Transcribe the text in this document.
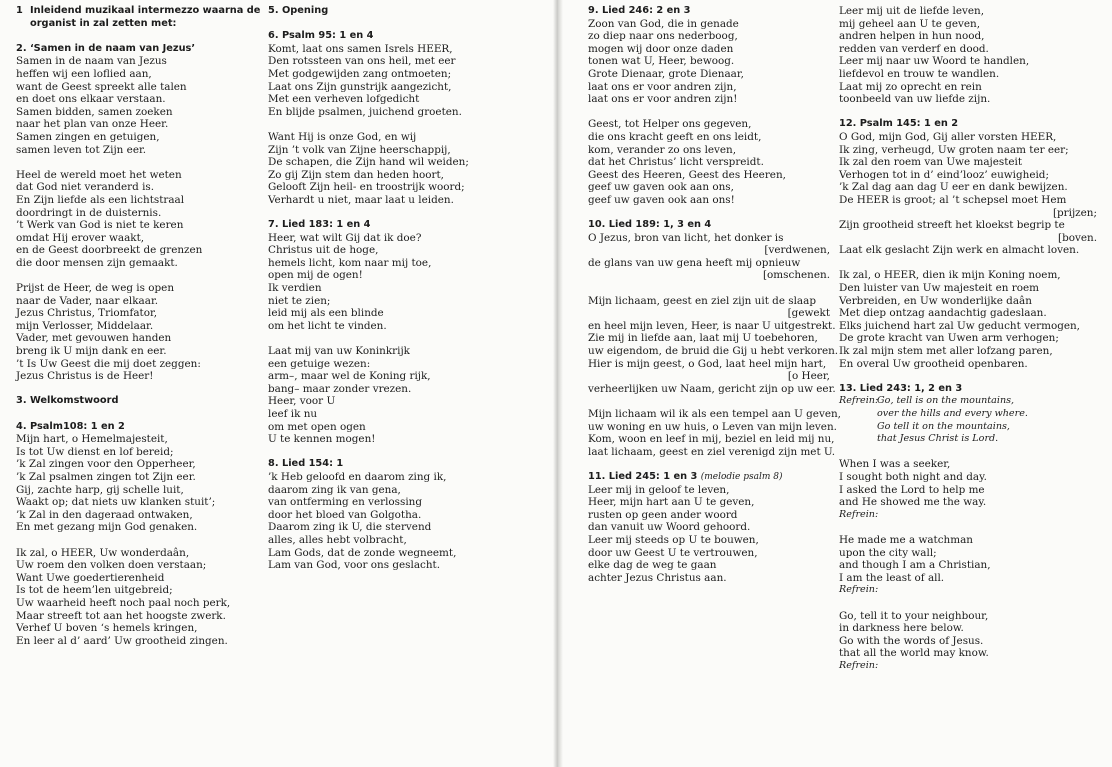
1 Inleidend muzikaal intermezzo waarna de
organist in zal zetten met:
2. ‘Samen in de naam van Jezus’
Samen in de naam van Jezus
heffen wij een loflied aan,
want de Geest spreekt alle talen
en doet ons elkaar verstaan.
Samen bidden, samen zoeken
naar het plan van onze Heer.
Samen zingen en getuigen,
samen leven tot Zijn eer.
Heel de wereld moet het weten
dat God niet veranderd is.
En Zijn liefde als een lichtstraal
doordringt in de duisternis.
’t Werk van God is niet te keren
omdat Hij erover waakt,
en de Geest doorbreekt de grenzen
die door mensen zijn gemaakt.
Prijst de Heer, de weg is open
naar de Vader, naar elkaar.
Jezus Christus, Triomfator,
mijn Verlosser, Middelaar.
Vader, met gevouwen handen
breng ik U mijn dank en eer.
’t Is Uw Geest die mij doet zeggen:
Jezus Christus is de Heer!
3. Welkomstwoord
4. Psalm108: 1 en 2
Mijn hart, o Hemelmajesteit,
Is tot Uw dienst en lof bereid;
’k Zal zingen voor den Opperheer,
’k Zal psalmen zingen tot Zijn eer.
Gij, zachte harp, gij schelle luit,
Waakt op; dat niets uw klanken stuit’;
’k Zal in den dageraad ontwaken,
En met gezang mijn God genaken.
Ik zal, o HEER, Uw wonderdaân,
Uw roem den volken doen verstaan;
Want Uwe goedertierenheid
Is tot de heem’len uitgebreid;
Uw waarheid heeft noch paal noch perk,
Maar streeft tot aan het hoogste zwerk.
Verhef U boven ‘s hemels kringen,
En leer al d’ aard’ Uw grootheid zingen.
5. Opening
6. Psalm 95: 1 en 4
Komt, laat ons samen Isrels HEER,
Den rotssteen van ons heil, met eer
Met godgewijden zang ontmoeten;
Laat ons Zijn gunstrijk aangezicht,
Met een verheven lofgedicht
En blijde psalmen, juichend groeten.
Want Hij is onze God, en wij
Zijn ’t volk van Zijne heerschappij,
De schapen, die Zijn hand wil weiden;
Zo gij Zijn stem dan heden hoort,
Gelooft Zijn heil- en troostrijk woord;
Verhardt u niet, maar laat u leiden.
7. Lied 183: 1 en 4
Heer, wat wilt Gij dat ik doe?
Christus uit de hoge,
hemels licht, kom naar mij toe,
open mij de ogen!
Ik verdien
niet te zien;
leid mij als een blinde
om het licht te vinden.
Laat mij van uw Koninkrijk
een getuige wezen:
arm–, maar wel de Koning rijk,
bang– maar zonder vrezen.
Heer, voor U
leef ik nu
om met open ogen
U te kennen mogen!
8. Lied 154: 1
’k Heb geloofd en daarom zing ik,
daarom zing ik van gena,
van ontferming en verlossing
door het bloed van Golgotha.
Daarom zing ik U, die stervend
alles, alles hebt volbracht,
Lam Gods, dat de zonde wegneemt,
Lam van God, voor ons geslacht.
9. Lied 246: 2 en 3
Zoon van God, die in genade
zo diep naar ons nederboog,
mogen wij door onze daden
tonen wat U, Heer, bewoog.
Grote Dienaar, grote Dienaar,
laat ons er voor andren zijn,
laat ons er voor andren zijn!
Geest, tot Helper ons gegeven,
die ons kracht geeft en ons leidt,
kom, verander zo ons leven,
dat het Christus’ licht verspreidt.
Geest des Heeren, Geest des Heeren,
geef uw gaven ook aan ons,
geef uw gaven ook aan ons!
10. Lied 189: 1, 3 en 4
O Jezus, bron van licht, het donker is
[verdwenen,
de glans van uw gena heeft mij opnieuw
[omschenen.
Mijn lichaam, geest en ziel zijn uit de slaap
[gewekt
en heel mijn leven, Heer, is naar U uitgestrekt.
Zie mij in liefde aan, laat mij U toebehoren,
uw eigendom, de bruid die Gij u hebt verkoren.
Hier is mijn geest, o God, laat heel mijn hart,
[o Heer,
verheerlijken uw Naam, gericht zijn op uw eer.
Mijn lichaam wil ik als een tempel aan U geven,
uw woning en uw huis, o Leven van mijn leven.
Kom, woon en leef in mij, beziel en leid mij nu,
laat lichaam, geest en ziel verenigd zijn met U.
11. Lied 245: 1 en 3 (melodie psalm 8)
Leer mij in geloof te leven,
Heer, mijn hart aan U te geven,
rusten op geen ander woord
dan vanuit uw Woord gehoord.
Leer mij steeds op U te bouwen,
door uw Geest U te vertrouwen,
elke dag de weg te gaan
achter Jezus Christus aan.
Leer mij uit de liefde leven,
mij geheel aan U te geven,
andren helpen in hun nood,
redden van verderf en dood.
Leer mij naar uw Woord te handlen,
liefdevol en trouw te wandlen.
Laat mij zo oprecht en rein
toonbeeld van uw liefde zijn.
12. Psalm 145: 1 en 2
O God, mijn God, Gij aller vorsten HEER,
Ik zing, verheugd, Uw groten naam ter eer;
Ik zal den roem van Uwe majesteit
Verhogen tot in d’ eind’looz’ euwigheid;
’k Zal dag aan dag U eer en dank bewijzen.
De HEER is groot; al ’t schepsel moet Hem
[prijzen;
Zijn grootheid streeft het kloekst begrip te
[boven.
Laat elk geslacht Zijn werk en almacht loven.
Ik zal, o HEER, dien ik mijn Koning noem,
Den luister van Uw majesteit en roem
Verbreiden, en Uw wonderlijke daân
Met diep ontzag aandachtig gadeslaan.
Elks juichend hart zal Uw geducht vermogen,
De grote kracht van Uwen arm verhogen;
Ik zal mijn stem met aller lofzang paren,
En overal Uw grootheid openbaren.
13. Lied 243: 1, 2 en 3
Refrein:
Go, tell is on the mountains,
over the hills and every where.
Go tell it on the mountains,
that Jesus Christ is Lord.
When I was a seeker,
I sought both night and day.
I asked the Lord to help me
and He showed me the way.
Refrein:
He made me a watchman
upon the city wall;
and though I am a Christian,
I am the least of all.
Refrein:
Go, tell it to your neighbour,
in darkness here below.
Go with the words of Jesus.
that all the world may know.
Refrein:
